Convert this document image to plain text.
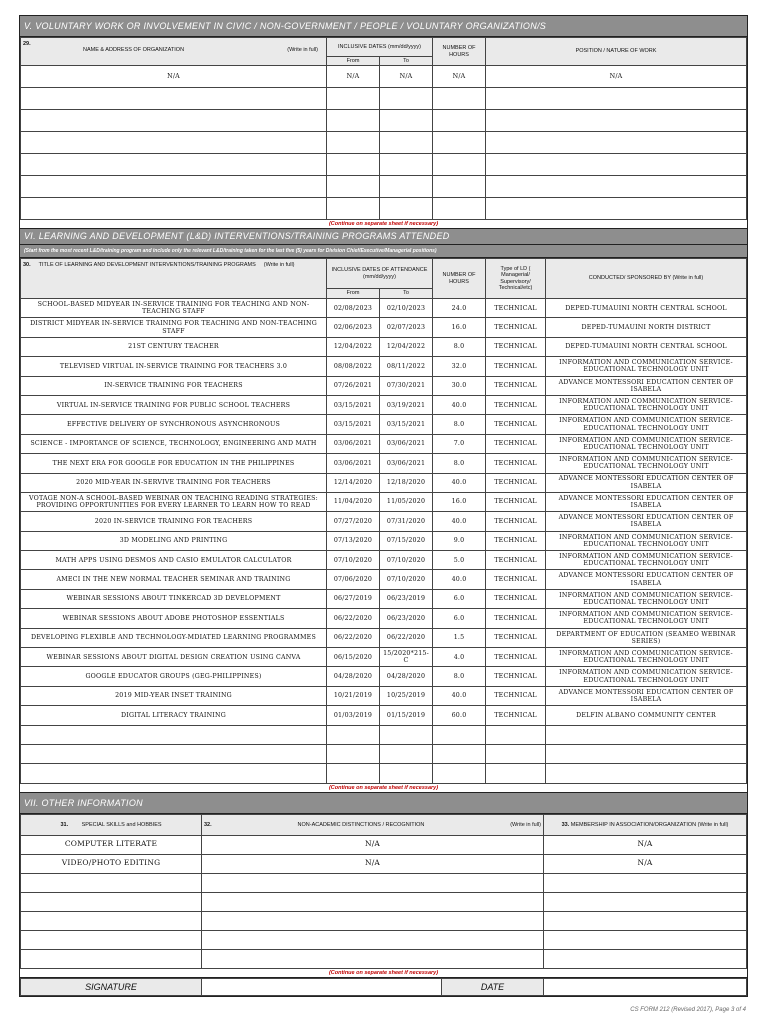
V. VOLUNTARY WORK OR INVOLVEMENT IN CIVIC / NON-GOVERNMENT / PEOPLE / VOLUNTARY ORGANIZATION/S
29.
NAME & ADDRESS OF ORGANIZATION (Write in full)	INCLUSIVE DATES (mm/dd/yyyy)		NUMBER OF HOURS	POSITION / NATURE OF WORK
	From	To		
N/A	N/A	N/A	N/A	N/A

(Continue on separate sheet if necessary)
VI. LEARNING AND DEVELOPMENT (L&D) INTERVENTIONS/TRAINING PROGRAMS ATTENDED
(Start from the most recent L&D/training program and include only the relevant L&D/training taken for the last five (5) years for Division Chief/Executive/Managerial positions)
30. TITLE OF LEARNING AND DEVELOPMENT INTERVENTIONS/TRAINING PROGRAMS (Write in full)	INCLUSIVE DATES OF ATTENDANCE (mm/dd/yyyy)		NUMBER OF HOURS	Type of LD ( Managerial/ Supervisory/ Technical/etc)	CONDUCTED/ SPONSORED BY (Write in full)
	From	To			
SCHOOL-BASED MIDYEAR IN-SERVICE TRAINING FOR TEACHING AND NON-TEACHING STAFF	02/08/2023	02/10/2023	24.0	TECHNICAL	DEPED-TUMAUINI NORTH CENTRAL SCHOOL
DISTRICT MIDYEAR IN-SERVICE TRAINING FOR TEACHING AND NON-TEACHING STAFF	02/06/2023	02/07/2023	16.0	TECHNICAL	DEPED-TUMAUINI NORTH DISTRICT
21ST CENTURY TEACHER	12/04/2022	12/04/2022	8.0	TECHNICAL	DEPED-TUMAUINI NORTH CENTRAL SCHOOL
TELEVISED VIRTUAL IN-SERVICE TRAINING FOR TEACHERS 3.0	08/08/2022	08/11/2022	32.0	TECHNICAL	INFORMATION AND COMMUNICATION SERVICE-EDUCATIONAL TECHNOLOGY UNIT
IN-SERVICE TRAINING FOR TEACHERS	07/26/2021	07/30/2021	30.0	TECHNICAL	ADVANCE MONTESSORI EDUCATION CENTER OF ISABELA
VIRTUAL IN-SERVICE TRAINING FOR PUBLIC SCHOOL TEACHERS	03/15/2021	03/19/2021	40.0	TECHNICAL	INFORMATION AND COMMUNICATION SERVICE-EDUCATIONAL TECHNOLOGY UNIT
EFFECTIVE DELIVERY OF SYNCHRONOUS ASYNCHRONOUS	03/15/2021	03/15/2021	8.0	TECHNICAL	INFORMATION AND COMMUNICATION SERVICE-EDUCATIONAL TECHNOLOGY UNIT
SCIENCE - IMPORTANCE OF SCIENCE, TECHNOLOGY, ENGINEERING AND MATH	03/06/2021	03/06/2021	7.0	TECHNICAL	INFORMATION AND COMMUNICATION SERVICE-EDUCATIONAL TECHNOLOGY UNIT
THE NEXT ERA FOR GOOGLE FOR EDUCATION IN THE PHILIPPINES	03/06/2021	03/06/2021	8.0	TECHNICAL	INFORMATION AND COMMUNICATION SERVICE-EDUCATIONAL TECHNOLOGY UNIT
2020 MID-YEAR IN-SERVIVE TRAINING FOR TEACHERS	12/14/2020	12/18/2020	40.0	TECHNICAL	ADVANCE MONTESSORI EDUCATION CENTER OF ISABELA
VOTAGE NON-A SCHOOL-BASED WEBINAR ON TEACHING READING STRATEGIES: PROVIDING OPPORTUNITIES FOR EVERY LEARNER TO LEARN HOW TO READ	11/04/2020	11/05/2020	16.0	TECHNICAL	ADVANCE MONTESSORI EDUCATION CENTER OF ISABELA
2020 IN-SERVICE TRAINING FOR TEACHERS	07/27/2020	07/31/2020	40.0	TECHNICAL	ADVANCE MONTESSORI EDUCATION CENTER OF ISABELA
3D MODELING AND PRINTING	07/13/2020	07/15/2020	9.0	TECHNICAL	INFORMATION AND COMMUNICATION SERVICE-EDUCATIONAL TECHNOLOGY UNIT
MATH APPS USING DESMOS AND CASIO EMULATOR CALCULATOR	07/10/2020	07/10/2020	5.0	TECHNICAL	INFORMATION AND COMMUNICATION SERVICE-EDUCATIONAL TECHNOLOGY UNIT
AMECI IN THE NEW NORMAL TEACHER SEMINAR AND TRAINING	07/06/2020	07/10/2020	40.0	TECHNICAL	ADVANCE MONTESSORI EDUCATION CENTER OF ISABELA
WEBINAR SESSIONS ABOUT TINKERCAD 3D DEVELOPMENT	06/27/2019	06/23/2019	6.0	TECHNICAL	INFORMATION AND COMMUNICATION SERVICE-EDUCATIONAL TECHNOLOGY UNIT
WEBINAR SESSIONS ABOUT ADOBE PHOTOSHOP ESSENTIALS	06/22/2020	06/23/2020	6.0	TECHNICAL	INFORMATION AND COMMUNICATION SERVICE-EDUCATIONAL TECHNOLOGY UNIT
DEVELOPING FLEXIBLE AND TECHNOLOGY-MDIATED LEARNING PROGRAMMES	06/22/2020	06/22/2020	1.5	TECHNICAL	DEPARTMENT OF EDUCATION (SEAMEO WEBINAR SERIES)
WEBINAR SESSIONS ABOUT DIGITAL DESIGN CREATION USING CANVA	06/15/2020	15/2020*215-C	4.0	TECHNICAL	INFORMATION AND COMMUNICATION SERVICE-EDUCATIONAL TECHNOLOGY UNIT
GOOGLE EDUCATOR GROUPS (GEG-PHILIPPINES)	04/28/2020	04/28/2020	8.0	TECHNICAL	INFORMATION AND COMMUNICATION SERVICE-EDUCATIONAL TECHNOLOGY UNIT
2019 MID-YEAR INSET TRAINING	10/21/2019	10/25/2019	40.0	TECHNICAL	ADVANCE MONTESSORI EDUCATION CENTER OF ISABELA
DIGITAL LITERACY TRAINING	01/03/2019	01/15/2019	60.0	TECHNICAL	DELFIN ALBANO COMMUNITY CENTER

(Continue on separate sheet if necessary)
VII. OTHER INFORMATION
31. SPECIAL SKILLS and HOBBIES	32. NON-ACADEMIC DISTINCTIONS / RECOGNITION (Write in full)	33. MEMBERSHIP IN ASSOCIATION/ORGANIZATION (Write in full)
COMPUTER LITERATE	N/A	N/A
VIDEO/PHOTO EDITING	N/A	N/A

(Continue on separate sheet if necessary)
SIGNATURE		DATE	
CS FORM 212 (Revised 2017), Page 3 of 4
